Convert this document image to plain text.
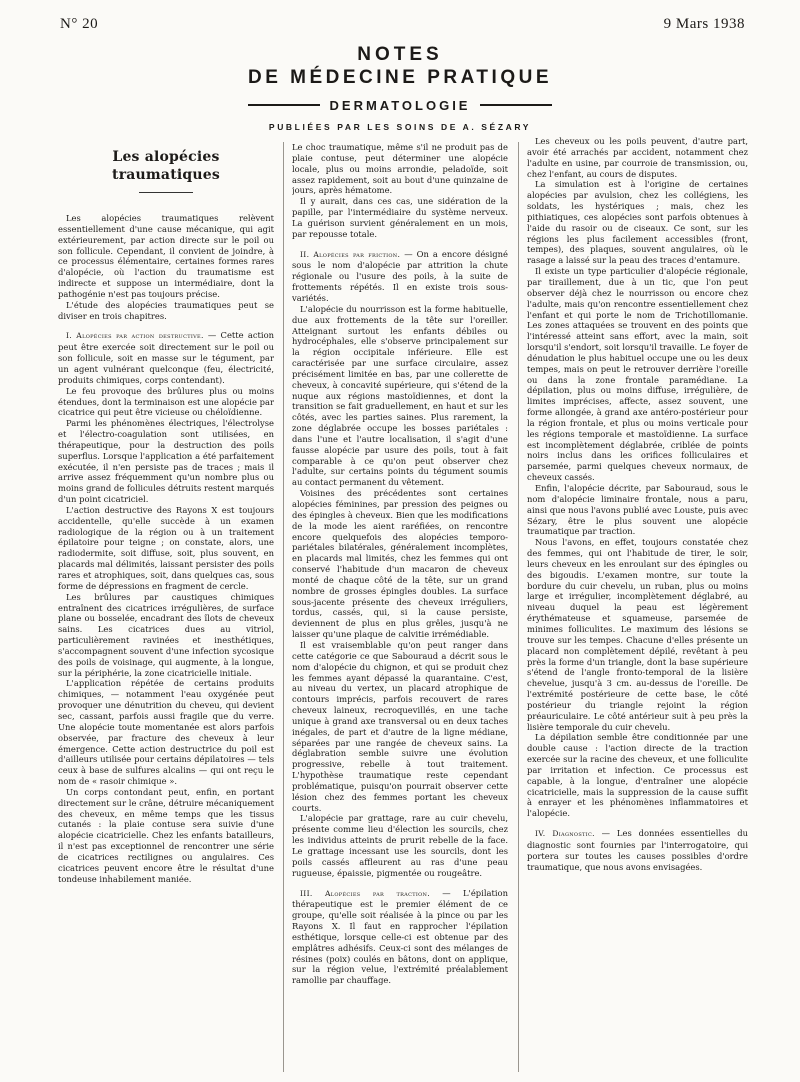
N° 20	9 Mars 1938
NOTES
DE MÉDECINE PRATIQUE
DERMATOLOGIE
PUBLIÉES PAR LES SOINS DE A. SÉZARY
Les alopécies traumatiques

Les alopécies traumatiques relèvent essentiellement d'une cause mécanique, qui agit extérieurement, par action directe sur le poil ou son follicule. Cependant, il convient de joindre, à ce processus élémentaire, certaines formes rares d'alopécie, où l'action du traumatisme est indirecte et suppose un intermédiaire, dont la pathogénie n'est pas toujours précise.

L'étude des alopécies traumatiques peut se diviser en trois chapitres.

I. Alopécies par action destructive. — Cette action peut être exercée soit directement sur le poil ou son follicule, soit en masse sur le tégument, par un agent vulnérant quelconque (feu, électricité, produits chimiques, corps contendant).

Le feu provoque des brûlures plus ou moins étendues, dont la terminaison est une alopécie par cicatrice qui peut être vicieuse ou chéloïdienne.

Parmi les phénomènes électriques, l'électrolyse et l'électro-coagulation sont utilisées, en thérapeutique, pour la destruction des poils superflus. Lorsque l'application a été parfaitement exécutée, il n'en persiste pas de traces ; mais il arrive assez fréquemment qu'un nombre plus ou moins grand de follicules détruits restent marqués d'un point cicatriciel.

L'action destructive des Rayons X est toujours accidentelle, qu'elle succède à un examen radiologique de la région ou à un traitement épilatoire pour teigne ; on constate, alors, une radiodermite, soit diffuse, soit, plus souvent, en placards mal délimités, laissant persister des poils rares et atrophiques, soit, dans quelques cas, sous forme de dépressions en fragment de cercle.

Les brûlures par caustiques chimiques entraînent des cicatrices irrégulières, de surface plane ou bosselée, encadrant des îlots de cheveux sains. Les cicatrices dues au vitriol, particulièrement ravinées et inesthétiques, s'accompagnent souvent d'une infection sycosique des poils de voisinage, qui augmente, à la longue, sur la périphérie, la zone cicatricielle initiale.

L'application répétée de certains produits chimiques, — notamment l'eau oxygénée peut provoquer une dénutrition du cheveu, qui devient sec, cassant, parfois aussi fragile que du verre. Une alopécie toute momentanée est alors parfois observée, par fracture des cheveux à leur émergence. Cette action destructrice du poil est d'ailleurs utilisée pour certains dépilatoires — tels ceux à base de sulfures alcalins — qui ont reçu le nom de « rasoir chimique ».

Un corps contondant peut, enfin, en portant directement sur le crâne, détruire mécaniquement des cheveux, en même temps que les tissus cutanés : la plaie contuse sera suivie d'une alopécie cicatricielle. Chez les enfants batailleurs, il n'est pas exceptionnel de rencontrer une série de cicatrices rectilignes ou angulaires. Ces cicatrices peuvent encore être le résultat d'une tondeuse inhabilement maniée.

Le choc traumatique, même s'il ne produit pas de plaie contuse, peut déterminer une alopécie locale, plus ou moins arrondie, peladoïde, soit assez rapidement, soit au bout d'une quinzaine de jours, après hématome.

Il y aurait, dans ces cas, une sidération de la papille, par l'intermédiaire du système nerveux. La guérison survient généralement en un mois, par repousse totale.

II. Alopécies par friction. — On a encore désigné sous le nom d'alopécie par attrition la chute régionale ou l'usure des poils, à la suite de frottements répétés. Il en existe trois sous-variétés.

L'alopécie du nourrisson est la forme habituelle, due aux frottements de la tête sur l'oreiller. Atteignant surtout les enfants débiles ou hydrocéphales, elle s'observe principalement sur la région occipitale inférieure. Elle est caractérisée par une surface circulaire, assez précisément limitée en bas, par une collerette de cheveux, à concavité supérieure, qui s'étend de la nuque aux régions mastoïdiennes, et dont la transition se fait graduellement, en haut et sur les côtés, avec les parties saines. Plus rarement, la zone déglabrée occupe les bosses pariétales : dans l'une et l'autre localisation, il s'agit d'une fausse alopécie par usure des poils, tout à fait comparable à ce qu'on peut observer chez l'adulte, sur certains points du tégument soumis au contact permanent du vêtement.

Voisines des précédentes sont certaines alopécies féminines, par pression des peignes ou des épingles à cheveux. Bien que les modifications de la mode les aient raréfiées, on rencontre encore quelquefois des alopécies temporo-pariétales bilatérales, généralement incomplètes, en placards mal limités, chez les femmes qui ont conservé l'habitude d'un macaron de cheveux monté de chaque côté de la tête, sur un grand nombre de grosses épingles doubles. La surface sous-jacente présente des cheveux irréguliers, tordus, cassés, qui, si la cause persiste, deviennent de plus en plus grêles, jusqu'à ne laisser qu'une plaque de calvitie irrémédiable.

Il est vraisemblable qu'on peut ranger dans cette catégorie ce que Sabouraud a décrit sous le nom d'alopécie du chignon, et qui se produit chez les femmes ayant dépassé la quarantaine. C'est, au niveau du vertex, un placard atrophique de contours imprécis, parfois recouvert de rares cheveux laineux, recroquevillés, en une tache unique à grand axe transversal ou en deux taches inégales, de part et d'autre de la ligne médiane, séparées par une rangée de cheveux sains. La déglabration semble suivre une évolution progressive, rebelle à tout traitement. L'hypothèse traumatique reste cependant problématique, puisqu'on pourrait observer cette lésion chez des femmes portant les cheveux courts.

L'alopécie par grattage, rare au cuir chevelu, présente comme lieu d'élection les sourcils, chez les individus atteints de prurit rebelle de la face. Le grattage incessant use les sourcils, dont les poils cassés affleurent au ras d'une peau rugueuse, épaissie, pigmentée ou rougeâtre.

III. Alopécies par traction. — L'épilation thérapeutique est le premier élément de ce groupe, qu'elle soit réalisée à la pince ou par les Rayons X. Il faut en rapprocher l'épilation esthétique, lorsque celle-ci est obtenue par des emplâtres adhésifs. Ceux-ci sont des mélanges de résines (poix) coulés en bâtons, dont on applique, sur la région velue, l'extrémité préalablement ramollie par chauffage.

Les cheveux ou les poils peuvent, d'autre part, avoir été arrachés par accident, notamment chez l'adulte en usine, par courroie de transmission, ou, chez l'enfant, au cours de disputes.

La simulation est à l'origine de certaines alopécies par avulsion, chez les collégiens, les soldats, les hystériques ; mais, chez les pithiatiques, ces alopécies sont parfois obtenues à l'aide du rasoir ou de ciseaux. Ce sont, sur les régions les plus facilement accessibles (front, tempes), des plaques, souvent angulaires, où le rasage a laissé sur la peau des traces d'entamure.

Il existe un type particulier d'alopécie régionale, par tiraillement, due à un tic, que l'on peut observer déjà chez le nourrisson ou encore chez l'adulte, mais qu'on rencontre essentiellement chez l'enfant et qui porte le nom de Trichotillomanie. Les zones attaquées se trouvent en des points que l'intéressé atteint sans effort, avec la main, soit lorsqu'il s'endort, soit lorsqu'il travaille. Le foyer de dénudation le plus habituel occupe une ou les deux tempes, mais on peut le retrouver derrière l'oreille ou dans la zone frontale paramédiane. La dépilation, plus ou moins diffuse, irrégulière, de limites imprécises, affecte, assez souvent, une forme allongée, à grand axe antéro-postérieur pour la région frontale, et plus ou moins verticale pour les régions temporale et mastoïdienne. La surface est incomplètement déglabrée, criblée de points noirs inclus dans les orifices folliculaires et parsemée, parmi quelques cheveux normaux, de cheveux cassés.

Enfin, l'alopécie décrite, par Sabouraud, sous le nom d'alopécie liminaire frontale, nous a paru, ainsi que nous l'avons publié avec Louste, puis avec Sézary, être le plus souvent une alopécie traumatique par traction.

Nous l'avons, en effet, toujours constatée chez des femmes, qui ont l'habitude de tirer, le soir, leurs cheveux en les enroulant sur des épingles ou des bigoudis. L'examen montre, sur toute la bordure du cuir chevelu, un ruban, plus ou moins large et irrégulier, incomplètement déglabré, au niveau duquel la peau est légèrement érythémateuse et squameuse, parsemée de minimes folliculites. Le maximum des lésions se trouve sur les tempes. Chacune d'elles présente un placard non complètement dépilé, revêtant à peu près la forme d'un triangle, dont la base supérieure s'étend de l'angle fronto-temporal de la lisière chevelue, jusqu'à 3 cm. au-dessus de l'oreille. De l'extrémité postérieure de cette base, le côté postérieur du triangle rejoint la région préauriculaire. Le côté antérieur suit à peu près la lisière temporale du cuir chevelu.

La dépilation semble être conditionnée par une double cause : l'action directe de la traction exercée sur la racine des cheveux, et une folliculite par irritation et infection. Ce processus est capable, à la longue, d'entraîner une alopécie cicatricielle, mais la suppression de la cause suffit à enrayer et les phénomènes inflammatoires et l'alopécie.

IV. Diagnostic. — Les données essentielles du diagnostic sont fournies par l'interrogatoire, qui portera sur toutes les causes possibles d'ordre traumatique, que nous avons envisagées.
